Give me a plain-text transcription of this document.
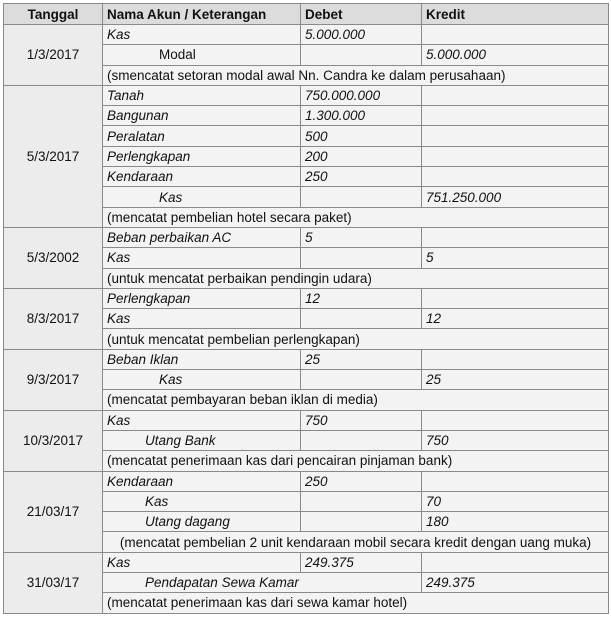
Tanggal	Nama Akun / Keterangan	Debet	Kredit
1/3/2017	Kas	5.000.000	
	Modal		5.000.000
	(smencatat setoran modal awal Nn. Candra ke dalam perusahaan)		
5/3/2017	Tanah	750.000.000	
	Bangunan	1.300.000	
	Peralatan	500	
	Perlengkapan	200	
	Kendaraan	250	
	Kas		751.250.000
	(mencatat pembelian hotel secara paket)		
5/3/2002	Beban perbaikan AC	5	
	Kas		5
	(untuk mencatat perbaikan pendingin udara)		
8/3/2017	Perlengkapan	12	
	Kas		12
	(untuk mencatat pembelian perlengkapan)		
9/3/2017	Beban Iklan	25	
	Kas		25
	(mencatat pembayaran beban iklan di media)		
10/3/2017	Kas	750	
	Utang Bank		750
	(mencatat penerimaan kas dari pencairan pinjaman bank)		
21/03/17	Kendaraan	250	
	Kas		70
	Utang dagang		180
	(mencatat pembelian 2 unit kendaraan mobil secara kredit dengan uang muka)		
31/03/17	Kas	249.375	
	Pendapatan Sewa Kamar		249.375
	(mencatat penerimaan kas dari sewa kamar hotel)		
